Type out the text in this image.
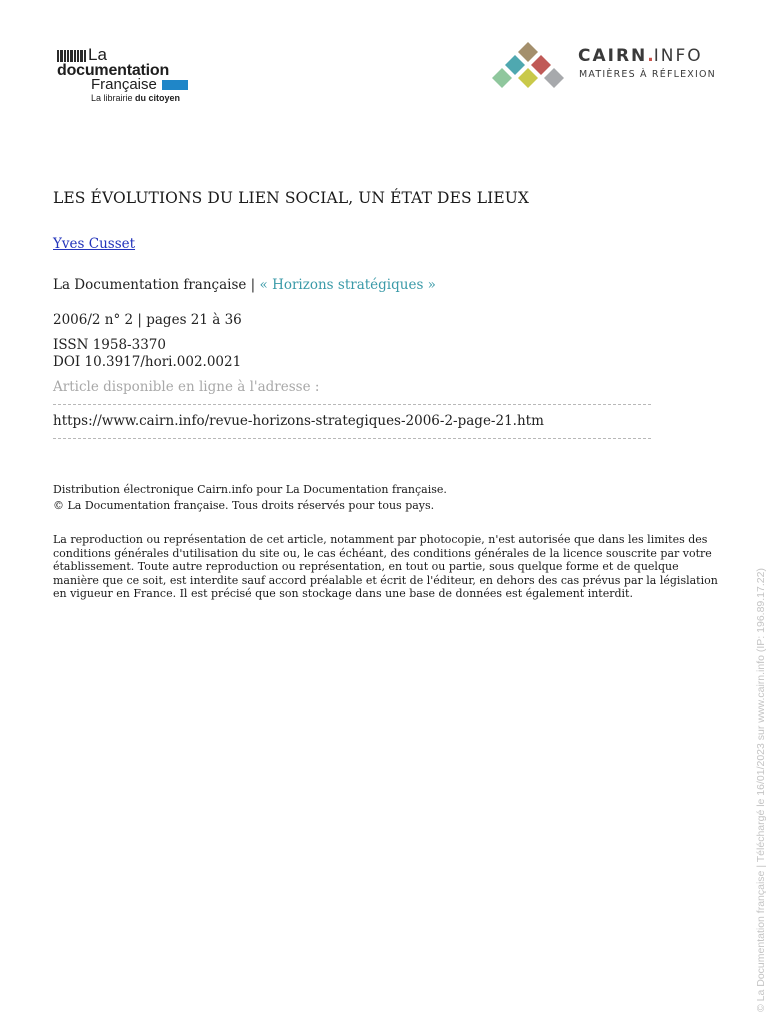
La
documentation
Française
La librairie du citoyen
CAIRN.INFO
MATIÈRES À RÉFLEXION
LES ÉVOLUTIONS DU LIEN SOCIAL, UN ÉTAT DES LIEUX
Yves Cusset
La Documentation française | « Horizons stratégiques »
2006/2 n° 2 | pages 21 à 36
ISSN 1958-3370
DOI 10.3917/hori.002.0021
Article disponible en ligne à l'adresse :
https://www.cairn.info/revue-horizons-strategiques-2006-2-page-21.htm
Distribution électronique Cairn.info pour La Documentation française.
© La Documentation française. Tous droits réservés pour tous pays.
La reproduction ou représentation de cet article, notamment par photocopie, n'est autorisée que dans les limites des conditions générales d'utilisation du site ou, le cas échéant, des conditions générales de la licence souscrite par votre établissement. Toute autre reproduction ou représentation, en tout ou partie, sous quelque forme et de quelque manière que ce soit, est interdite sauf accord préalable et écrit de l'éditeur, en dehors des cas prévus par la législation en vigueur en France. Il est précisé que son stockage dans une base de données est également interdit.	© La Documentation française | Téléchargé le 16/01/2023 sur www.cairn.info (IP: 196.89.17.22)
